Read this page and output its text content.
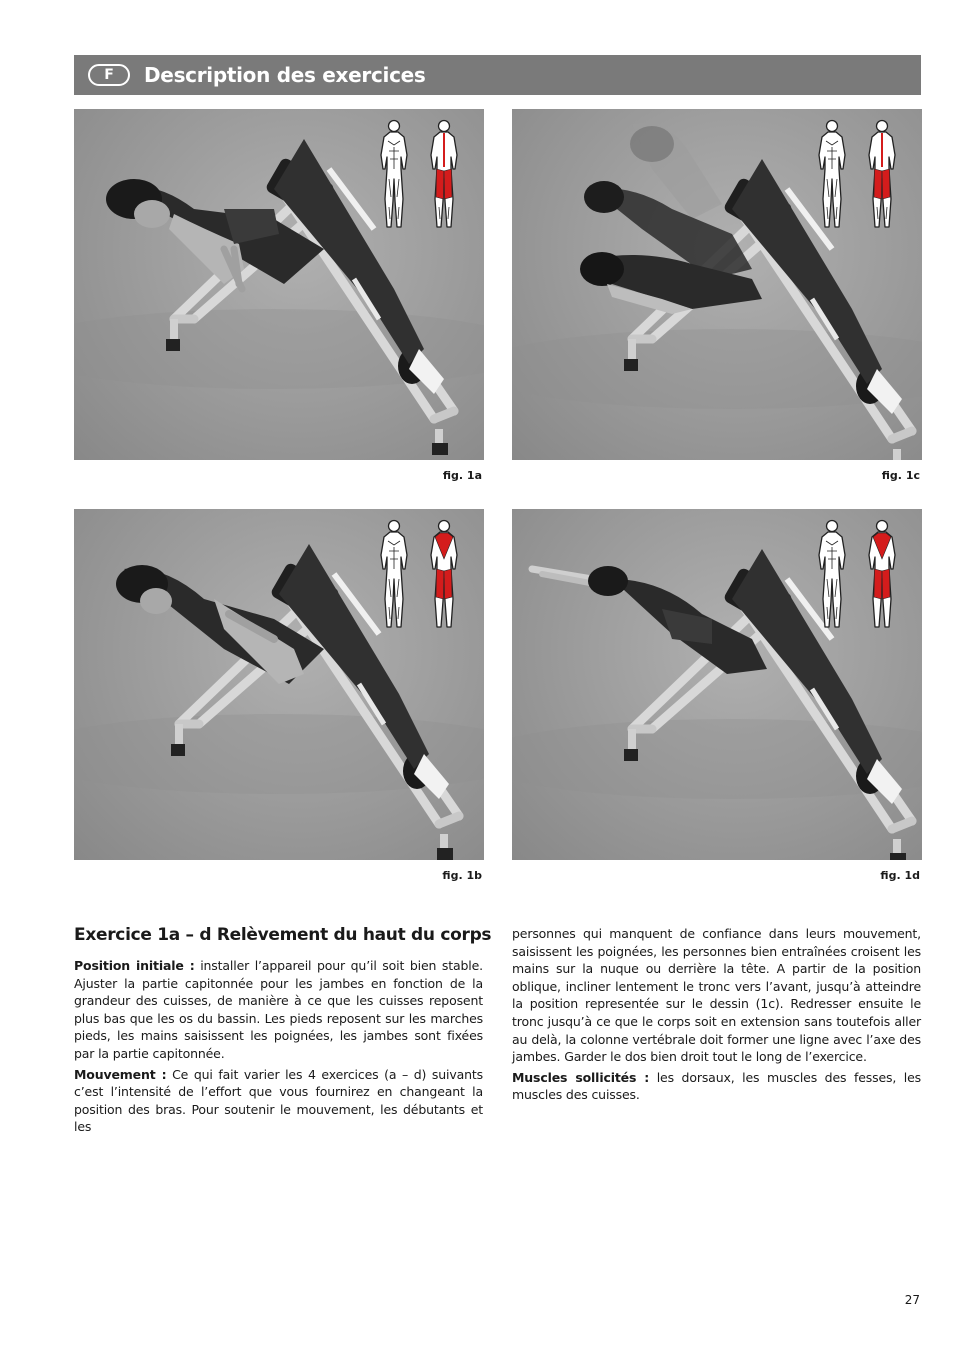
F	Description des exercices
fig. 1a	fig. 1c
fig. 1b	fig. 1d
Exercice 1a – d Relèvement du haut du corps

Position initiale : installer l’appareil pour qu’il soit bien stable. Ajuster la partie capitonnée pour les jambes en fonction de la grandeur des cuisses, de manière à ce que les cuisses reposent plus bas que les os du bassin. Les pieds reposent sur les marches pieds, les mains saisissent les poignées, les jambes sont fixées par la partie capitonnée.

Mouvement : Ce qui fait varier les 4 exercices (a – d) suivants c’est l’intensité de l’effort que vous fournirez en changeant la position des bras. Pour soutenir le mouvement, les débutants et les

personnes qui manquent de confiance dans leurs mouvement, saisissent les poignées, les personnes bien entraînées croisent les mains sur la nuque ou derrière la tête. A partir de la position oblique, incliner lentement le tronc vers l’avant, jusqu’à atteindre la position representée sur le dessin (1c). Redresser ensuite le tronc jusqu’à ce que le corps soit en extension sans toutefois aller au delà, la colonne vertébrale doit former une ligne avec l’axe des jambes. Garder le dos bien droit tout le long de l’exercice.

Muscles sollicités : les dorsaux, les muscles des fesses, les muscles des cuisses.

27
